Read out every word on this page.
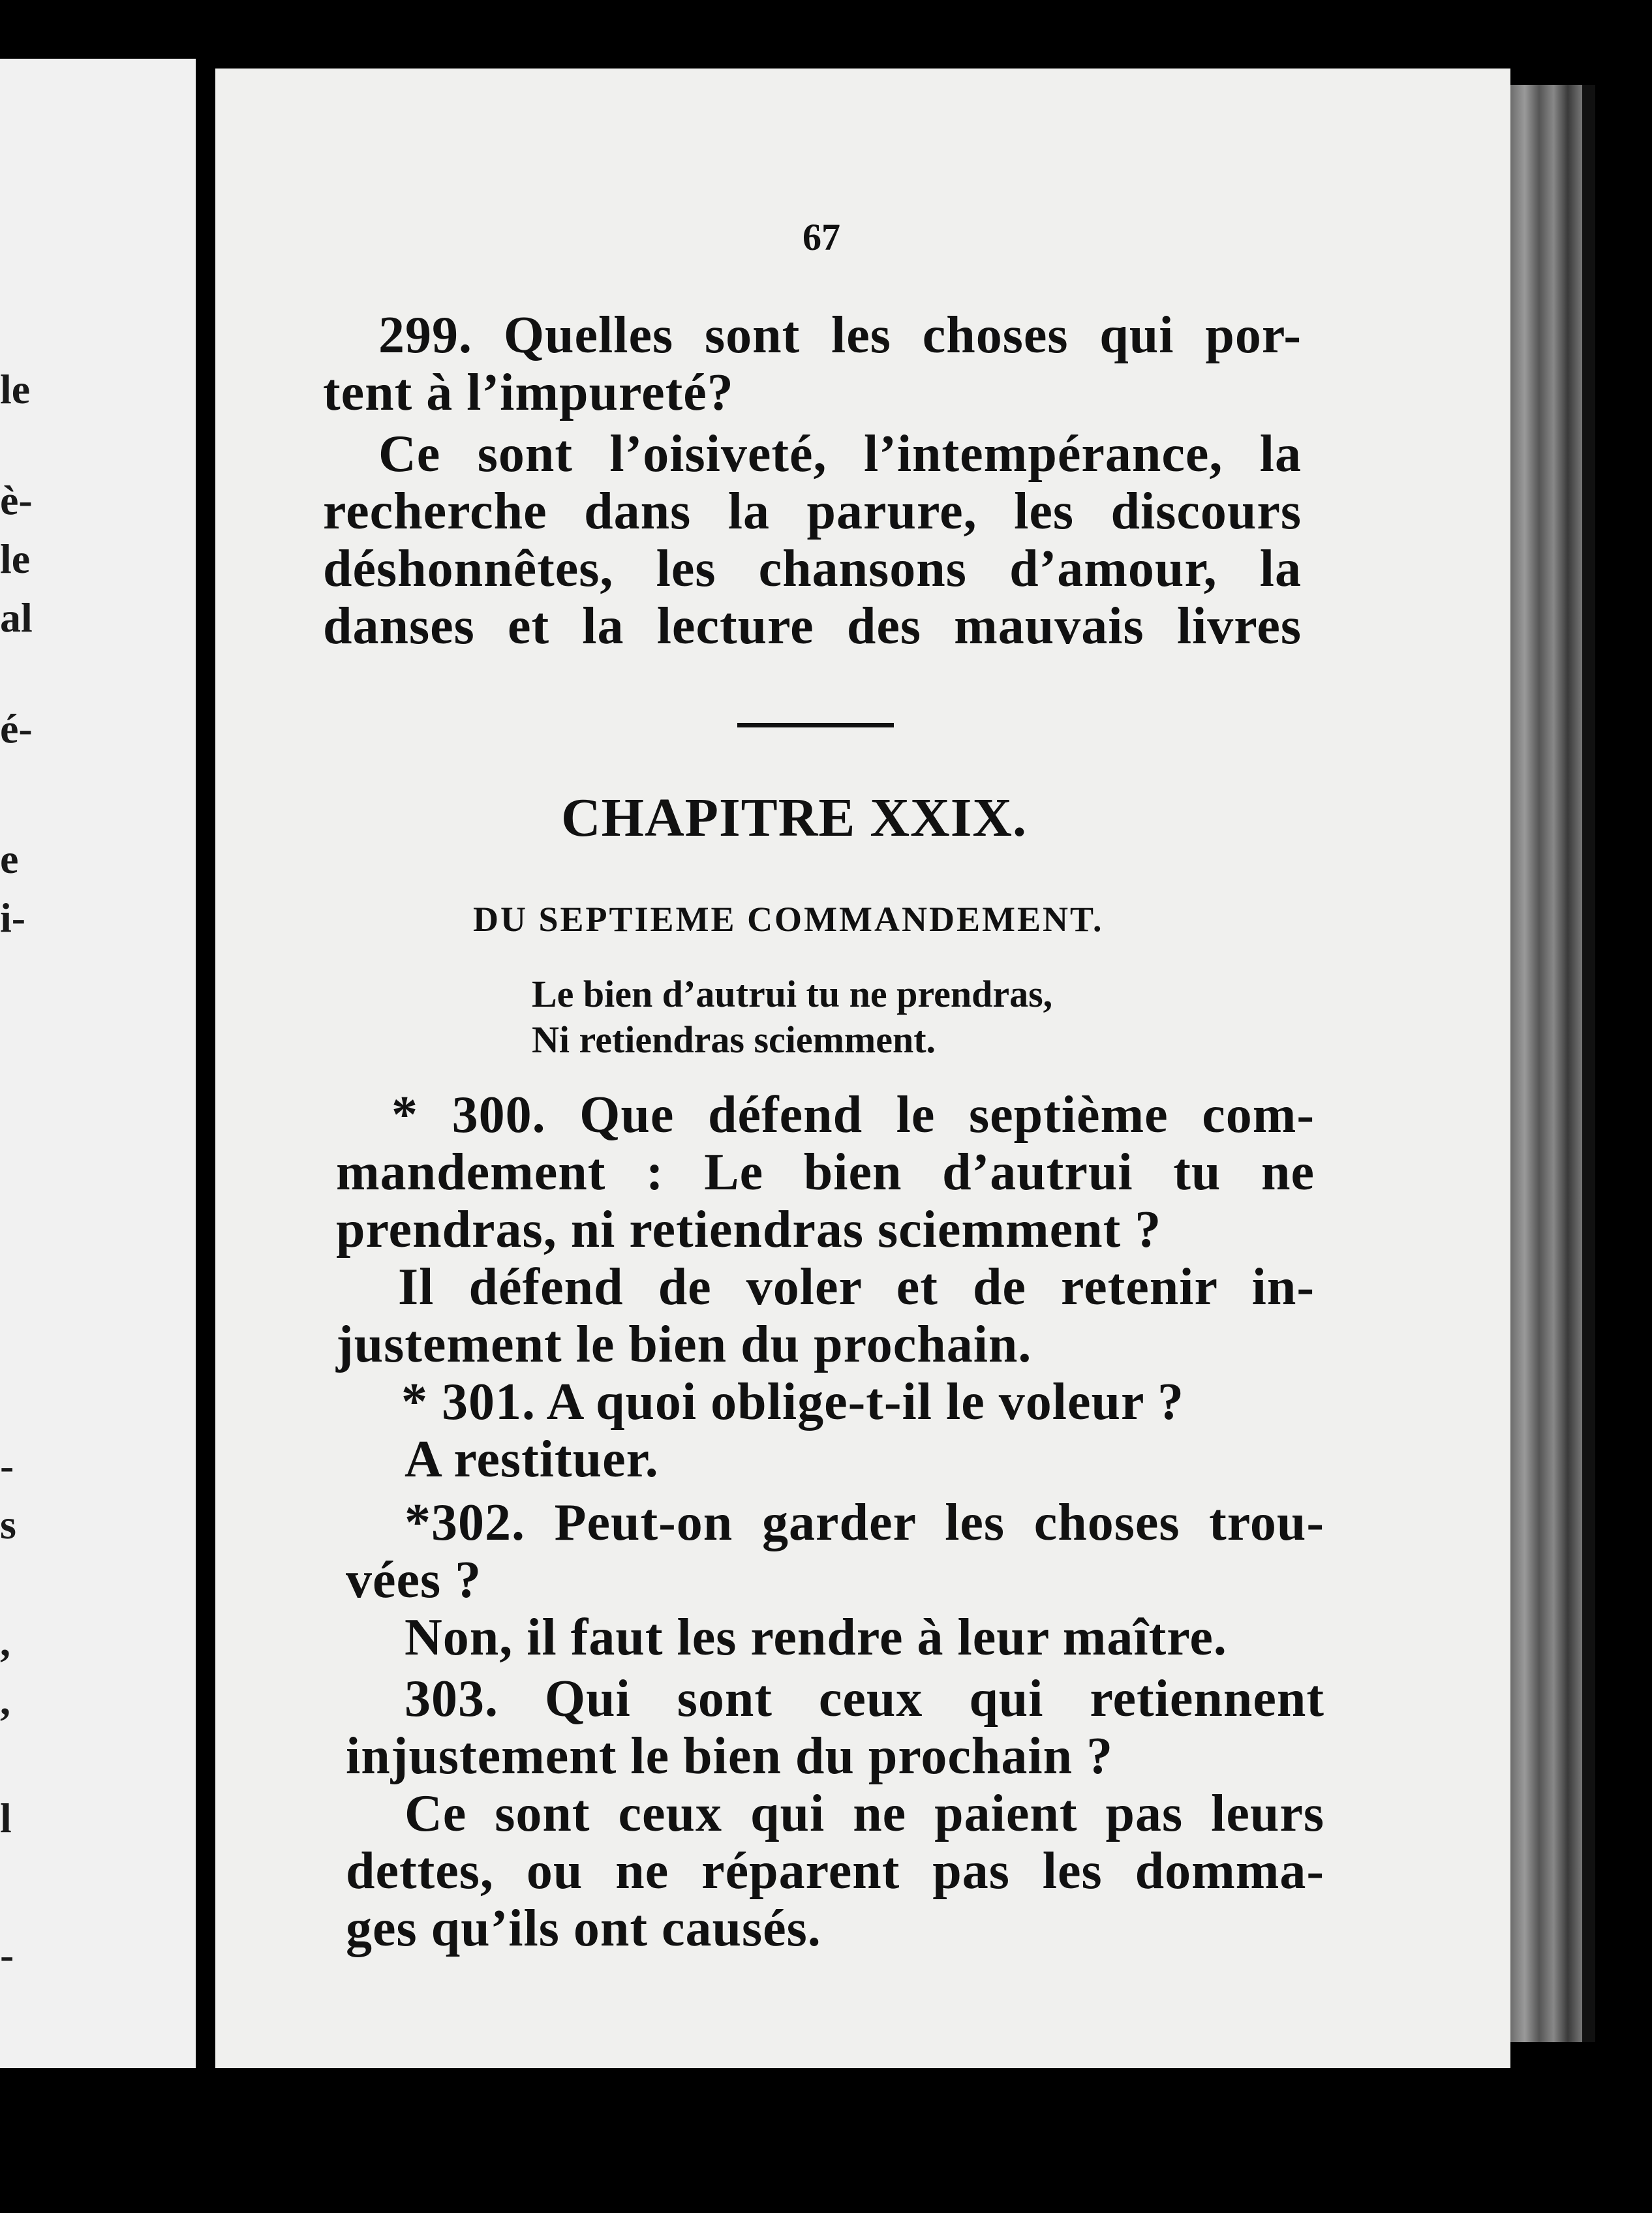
le
è-
le
al
é-
e
i-
-
s
,
,
l
-
67
299. Quelles sont les choses qui por-
tent à l’impureté?
Ce sont l’oisiveté, l’intempérance, la
recherche dans la parure, les discours
déshonnêtes, les chansons d’amour, la
danses et la lecture des mauvais livres
CHAPITRE XXIX.
DU SEPTIEME COMMANDEMENT.
Le bien d’autrui tu ne prendras,
Ni retiendras sciemment.
* 300. Que défend le septième com-
mandement : Le bien d’autrui tu ne
prendras, ni retiendras sciemment ?
Il défend de voler et de retenir in-
justement le bien du prochain.
* 301. A quoi oblige-t-il le voleur ?
A restituer.
*302. Peut-on garder les choses trou-
vées ?
Non, il faut les rendre à leur maître.
303. Qui sont ceux qui retiennent
injustement le bien du prochain ?
Ce sont ceux qui ne paient pas leurs
dettes, ou ne réparent pas les domma-
ges qu’ils ont causés.
